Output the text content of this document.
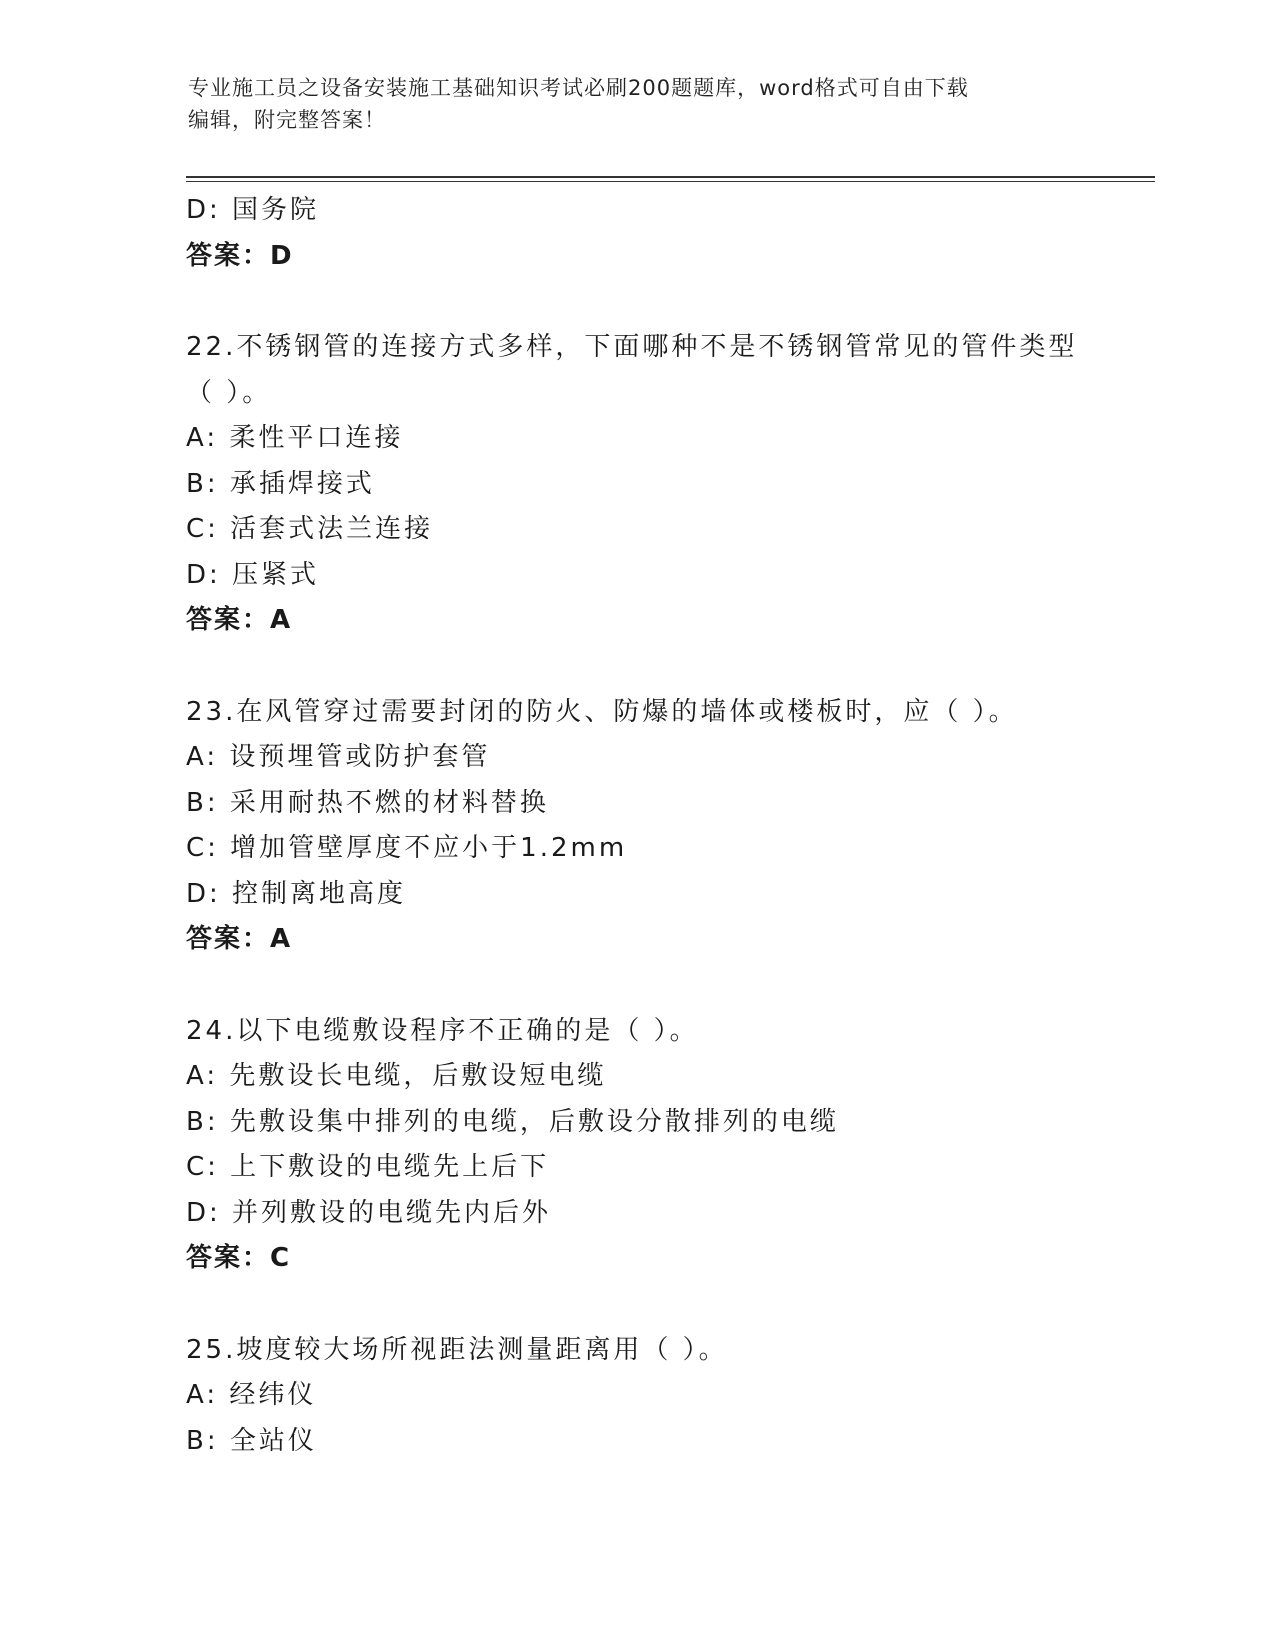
专业施工员之设备安装施工基础知识考试必刷200题题库，word格式可自由下载
编辑，附完整答案！
D: 国务院
答案：D
22.不锈钢管的连接方式多样，下面哪种不是不锈钢管常见的管件类型
（ ）。
A: 柔性平口连接
B: 承插焊接式
C: 活套式法兰连接
D: 压紧式
答案：A
23.在风管穿过需要封闭的防火、防爆的墙体或楼板时，应（ ）。
A: 设预埋管或防护套管
B: 采用耐热不燃的材料替换
C: 增加管壁厚度不应小于1.2mm
D: 控制离地高度
答案：A
24.以下电缆敷设程序不正确的是（ ）。
A: 先敷设长电缆，后敷设短电缆
B: 先敷设集中排列的电缆，后敷设分散排列的电缆
C: 上下敷设的电缆先上后下
D: 并列敷设的电缆先内后外
答案：C
25.坡度较大场所视距法测量距离用（ ）。
A: 经纬仪
B: 全站仪
